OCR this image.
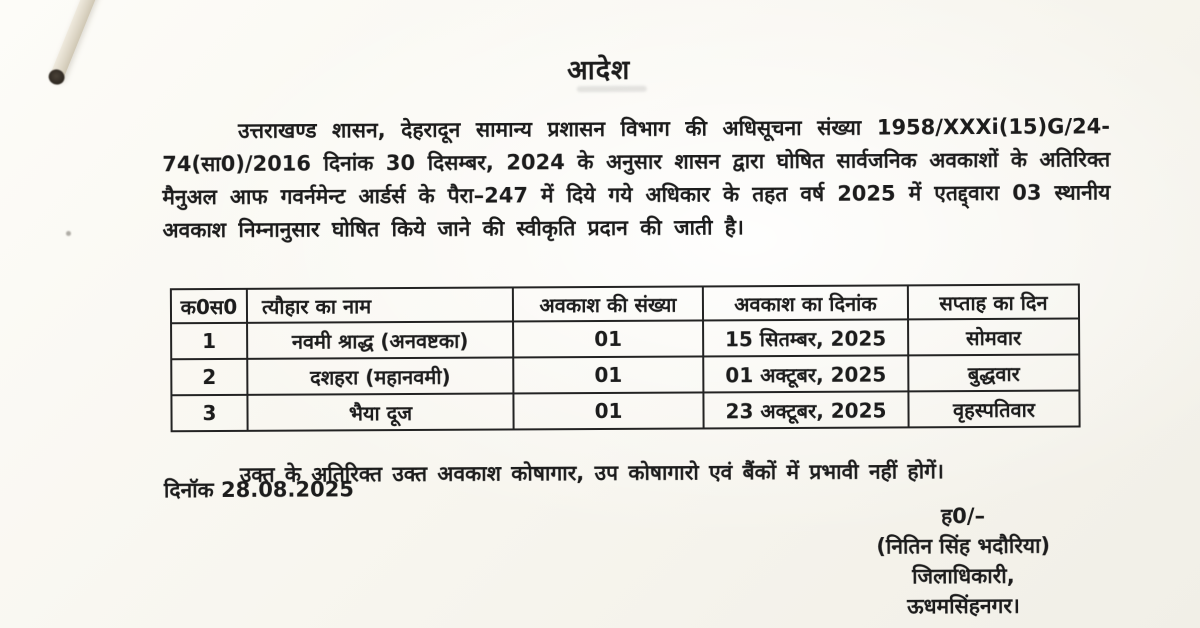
आदेश

उत्तराखण्ड शासन, देहरादून सामान्य प्रशासन विभाग की अधिसूचना संख्या 1958/XXXi(15)G/24-74(सा0)/2016 दिनांक 30 दिसम्बर, 2024 के अनुसार शासन द्वारा घोषित सार्वजनिक अवकाशों के अतिरिक्त मैनुअल आफ गवर्नमेन्ट आर्डर्स के पैरा–247 में दिये गये अधिकार के तहत वर्ष 2025 में एतद्द्वारा 03 स्थानीय अवकाश निम्नानुसार घोषित किये जाने की स्वीकृति प्रदान की जाती है।

क0स0	त्यौहार का नाम	अवकाश की संख्या	अवकाश का दिनांक	सप्ताह का दिन
1	नवमी श्राद्ध (अनवष्टका)	01	15 सितम्बर, 2025	सोमवार
2	दशहरा (महानवमी)	01	01 अक्टूबर, 2025	बुद्धवार
3	भैया दूज	01	23 अक्टूबर, 2025	वृहस्पतिवार

उक्त के अतिरिक्त उक्त अवकाश कोषागार, उप कोषागारो एवं बैंकों में प्रभावी नहीं होगें।

दिनॉक 28.08.2025
ह0/–
(नितिन सिंह भदौरिया)
जिलाधिकारी,
ऊधमसिंहनगर।
